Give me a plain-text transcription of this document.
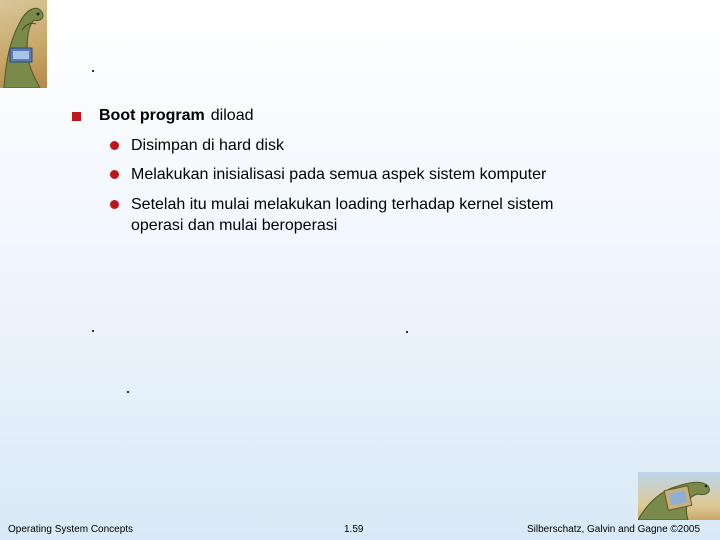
Boot program diload
Disimpan di hard disk
Melakukan inisialisasi pada semua aspek sistem komputer
Setelah itu mulai melakukan loading terhadap kernel sistem operasi dan mulai beroperasi
Operating System Concepts	1.59	Silberschatz, Galvin and Gagne ©2005
